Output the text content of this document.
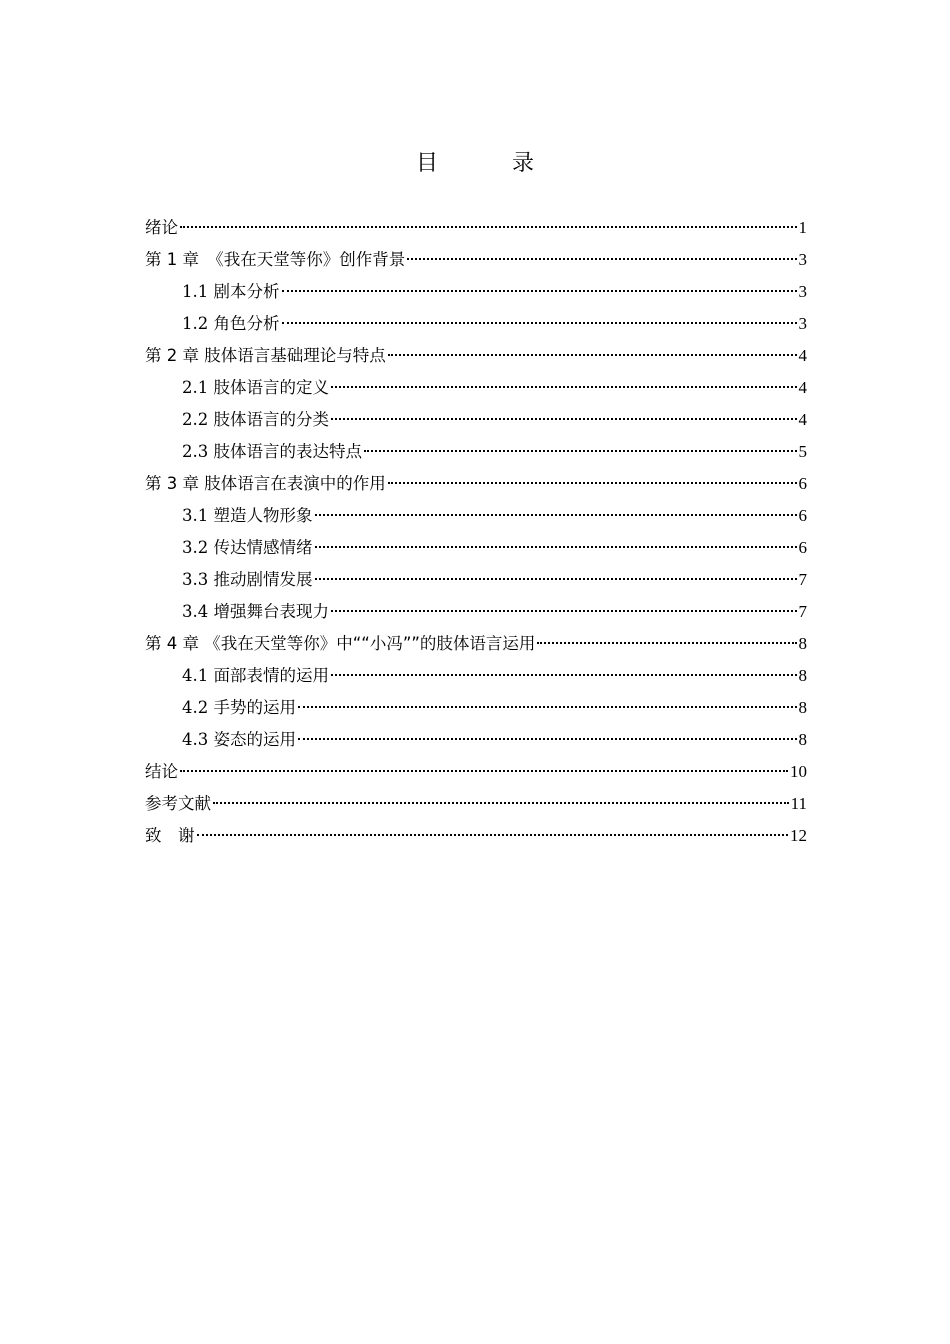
目　录
绪论	1
第 1 章　《我在天堂等你》创作背景	3
1.1 剧本分析	3
1.2 角色分析	3
第 2 章 肢体语言基础理论与特点	4
2.1 肢体语言的定义	4
2.2 肢体语言的分类	4
2.3 肢体语言的表达特点	5
第 3 章 肢体语言在表演中的作用	6
3.1 塑造人物形象	6
3.2 传达情感情绪	6
3.3 推动剧情发展	7
3.4 增强舞台表现力	7
第 4 章 《我在天堂等你》中““小冯””的肢体语言运用	8
4.1 面部表情的运用	8
4.2 手势的运用	8
4.3 姿态的运用	8
结论	10
参考文献	11
致　谢	12
